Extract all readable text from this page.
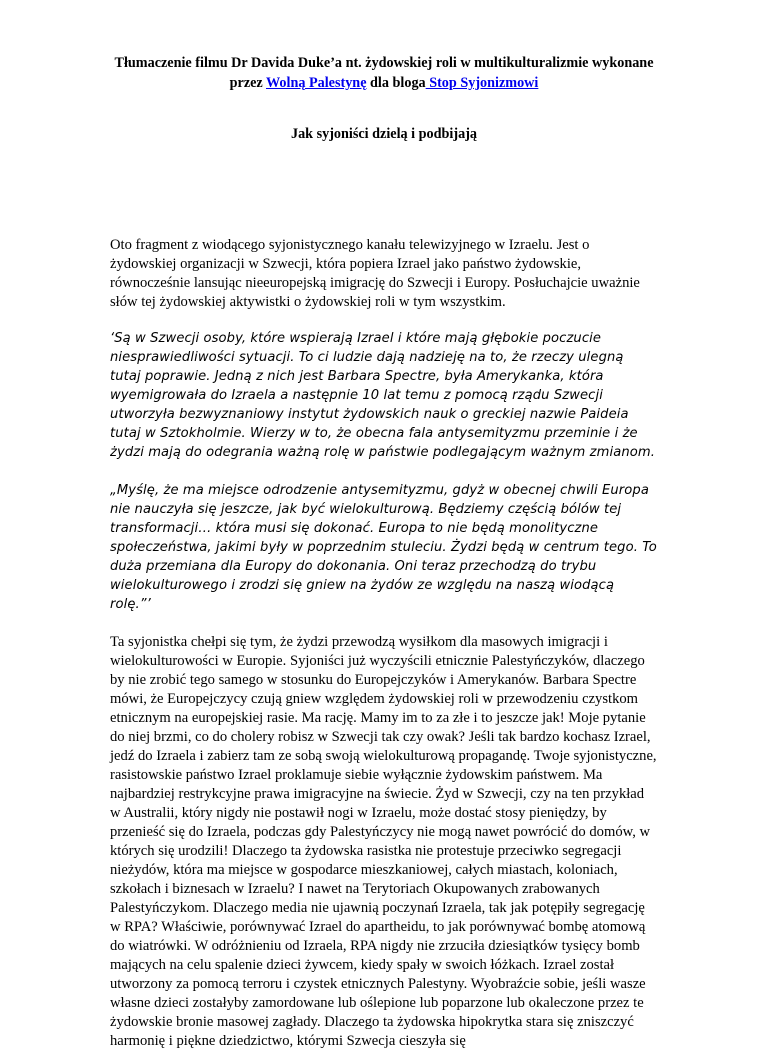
Tłumaczenie filmu Dr Davida Duke’a nt. żydowskiej roli w multikulturalizmie wykonane przez Wolną Palestynę dla bloga Stop Syjonizmowi

Jak syjoniści dzielą i podbijają

Oto fragment z wiodącego syjonistycznego kanału telewizyjnego w Izraelu. Jest o żydowskiej organizacji w Szwecji, która popiera Izrael jako państwo żydowskie, równocześnie lansując nieeuropejską imigrację do Szwecji i Europy. Posłuchajcie uważnie słów tej żydowskiej aktywistki o żydowskiej roli w tym wszystkim.

‘Są w Szwecji osoby, które wspierają Izrael i które mają głębokie poczucie niesprawiedliwości sytuacji. To ci ludzie dają nadzieję na to, że rzeczy ulegną tutaj poprawie. Jedną z nich jest Barbara Spectre, była Amerykanka, która wyemigrowała do Izraela a następnie 10 lat temu z pomocą rządu Szwecji utworzyła bezwyznaniowy instytut żydowskich nauk o greckiej nazwie Paideia tutaj w Sztokholmie. Wierzy w to, że obecna fala antysemityzmu przeminie i że żydzi mają do odegrania ważną rolę w państwie podlegającym ważnym zmianom.

„Myślę, że ma miejsce odrodzenie antysemityzmu, gdyż w obecnej chwili Europa nie nauczyła się jeszcze, jak być wielokulturową. Będziemy częścią bólów tej transformacji… która musi się dokonać. Europa to nie będą monolityczne społeczeństwa, jakimi były w poprzednim stuleciu. Żydzi będą w centrum tego. To duża przemiana dla Europy do dokonania. Oni teraz przechodzą do trybu wielokulturowego i zrodzi się gniew na żydów ze względu na naszą wiodącą rolę.”’

Ta syjonistka chełpi się tym, że żydzi przewodzą wysiłkom dla masowych imigracji i wielokulturowości w Europie. Syjoniści już wyczyścili etnicznie Palestyńczyków, dlaczego by nie zrobić tego samego w stosunku do Europejczyków i Amerykanów. Barbara Spectre mówi, że Europejczycy czują gniew względem żydowskiej roli w przewodzeniu czystkom etnicznym na europejskiej rasie. Ma rację. Mamy im to za złe i to jeszcze jak! Moje pytanie do niej brzmi, co do cholery robisz w Szwecji tak czy owak? Jeśli tak bardzo kochasz Izrael, jedź do Izraela i zabierz tam ze sobą swoją wielokulturową propagandę. Twoje syjonistyczne, rasistowskie państwo Izrael proklamuje siebie wyłącznie żydowskim państwem. Ma najbardziej restrykcyjne prawa imigracyjne na świecie. Żyd w Szwecji, czy na ten przykład w Australii, który nigdy nie postawił nogi w Izraelu, może dostać stosy pieniędzy, by przenieść się do Izraela, podczas gdy Palestyńczycy nie mogą nawet powrócić do domów, w których się urodzili! Dlaczego ta żydowska rasistka nie protestuje przeciwko segregacji nieżydów, która ma miejsce w gospodarce mieszkaniowej, całych miastach, koloniach, szkołach i biznesach w Izraelu? I nawet na Terytoriach Okupowanych zrabowanych Palestyńczykom. Dlaczego media nie ujawnią poczynań Izraela, tak jak potępiły segregację w RPA? Właściwie, porównywać Izrael do apartheidu, to jak porównywać bombę atomową do wiatrówki. W odróżnieniu od Izraela, RPA nigdy nie zrzuciła dziesiątków tysięcy bomb mających na celu spalenie dzieci żywcem, kiedy spały w swoich łóżkach. Izrael został utworzony za pomocą terroru i czystek etnicznych Palestyny. Wyobraźcie sobie, jeśli wasze własne dzieci zostałyby zamordowane lub oślepione lub poparzone lub okaleczone przez te żydowskie bronie masowej zagłady. Dlaczego ta żydowska hipokrytka stara się zniszczyć harmonię i piękne dziedzictwo, którymi Szwecja cieszyła się
